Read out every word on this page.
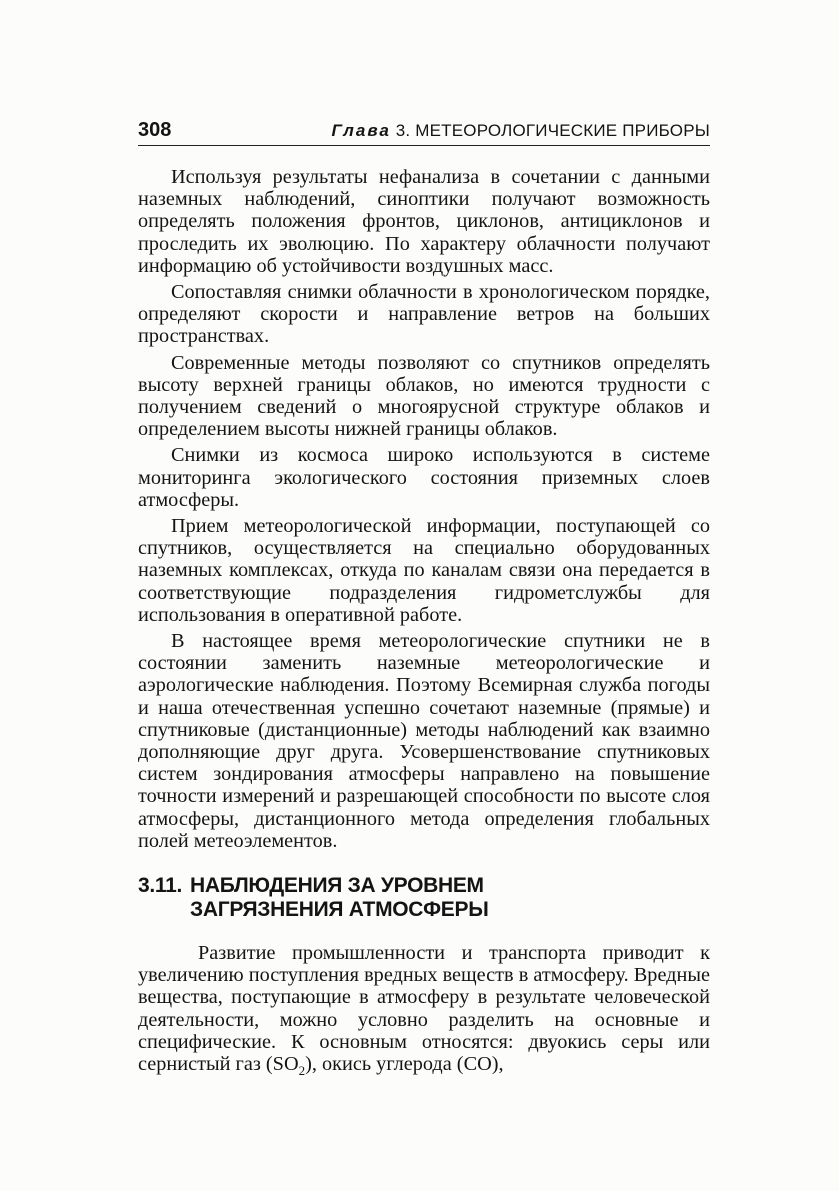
308	Глава 3. МЕТЕОРОЛОГИЧЕСКИЕ ПРИБОРЫ

Используя результаты нефанализа в сочетании с данными наземных наблюдений, синоптики получают возможность определять положения фронтов, циклонов, антициклонов и проследить их эволюцию. По характеру облачности получают информацию об устойчивости воздушных масс.

Сопоставляя снимки облачности в хронологическом порядке, определяют скорости и направление ветров на больших пространствах.

Современные методы позволяют со спутников определять высоту верхней границы облаков, но имеются трудности с получением сведений о многоярусной структуре облаков и определением высоты нижней границы облаков.

Снимки из космоса широко используются в системе мониторинга экологического состояния приземных слоев атмосферы.

Прием метеорологической информации, поступающей со спутников, осуществляется на специально оборудованных наземных комплексах, откуда по каналам связи она передается в соответствующие подразделения гидрометслужбы для использования в оперативной работе.

В настоящее время метеорологические спутники не в состоянии заменить наземные метеорологические и аэрологические наблюдения. Поэтому Всемирная служба погоды и наша отечественная успешно сочетают наземные (прямые) и спутниковые (дистанционные) методы наблюдений как взаимно дополняющие друг друга. Усовершенствование спутниковых систем зондирования атмосферы направлено на повышение точности измерений и разрешающей способности по высоте слоя атмосферы, дистанционного метода определения глобальных полей метеоэлементов.

3.11. НАБЛЮДЕНИЯ ЗА УРОВНЕМ
ЗАГРЯЗНЕНИЯ АТМОСФЕРЫ

Развитие промышленности и транспорта приводит к увеличению поступления вредных веществ в атмосферу. Вредные вещества, поступающие в атмосферу в результате человеческой деятельности, можно условно разделить на основные и специфические. К основным относятся: двуокись серы или сернистый газ $(SO_2)$, окись углерода (CO),
